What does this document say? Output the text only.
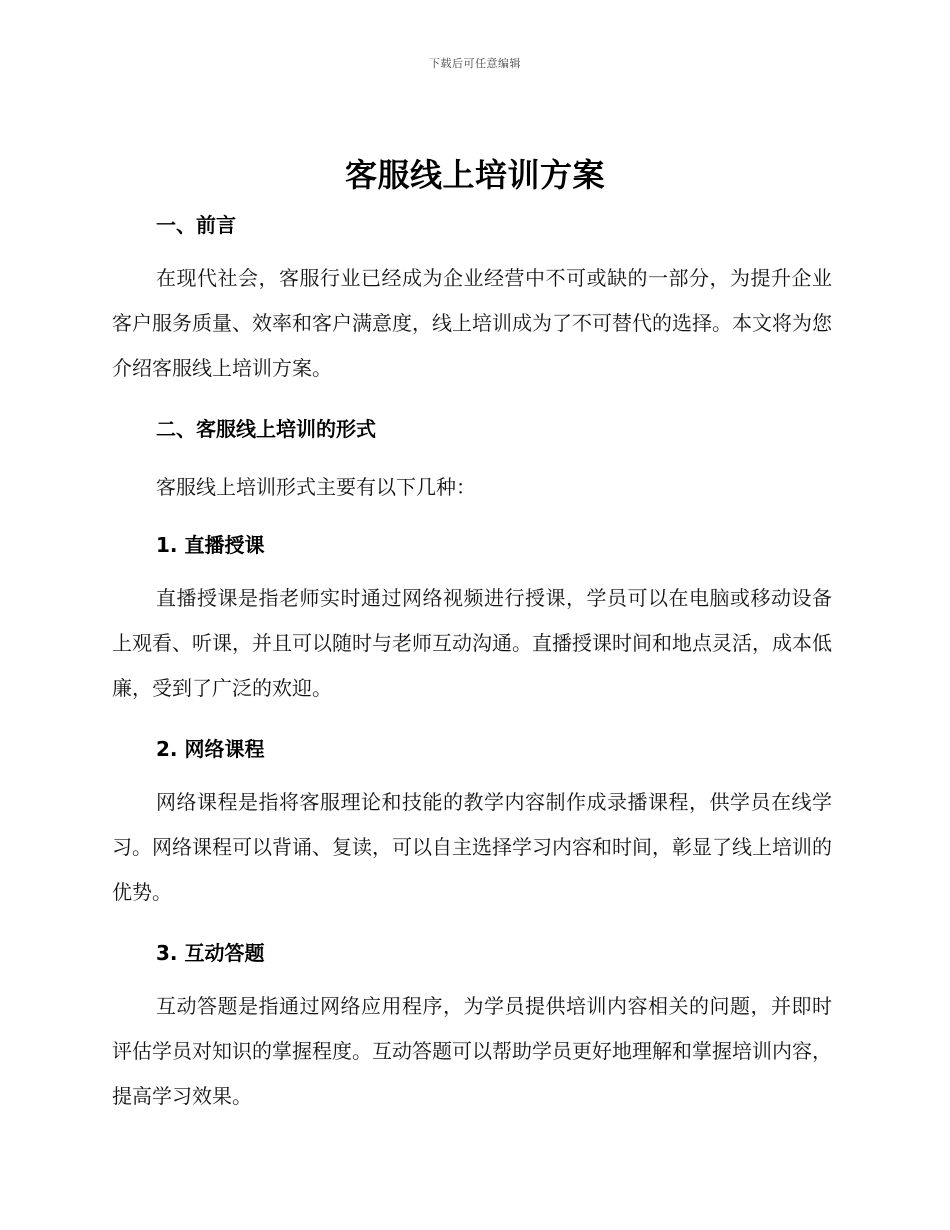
下载后可任意编辑
客服线上培训方案
一、前言
在现代社会，客服行业已经成为企业经营中不可或缺的一部分，为提升企业客户服务质量、效率和客户满意度，线上培训成为了不可替代的选择。本文将为您介绍客服线上培训方案。
二、客服线上培训的形式
客服线上培训形式主要有以下几种：
1. 直播授课
直播授课是指老师实时通过网络视频进行授课，学员可以在电脑或移动设备上观看、听课，并且可以随时与老师互动沟通。直播授课时间和地点灵活，成本低廉，受到了广泛的欢迎。
2. 网络课程
网络课程是指将客服理论和技能的教学内容制作成录播课程，供学员在线学习。网络课程可以背诵、复读，可以自主选择学习内容和时间，彰显了线上培训的优势。
3. 互动答题
互动答题是指通过网络应用程序，为学员提供培训内容相关的问题，并即时评估学员对知识的掌握程度。互动答题可以帮助学员更好地理解和掌握培训内容，提高学习效果。
